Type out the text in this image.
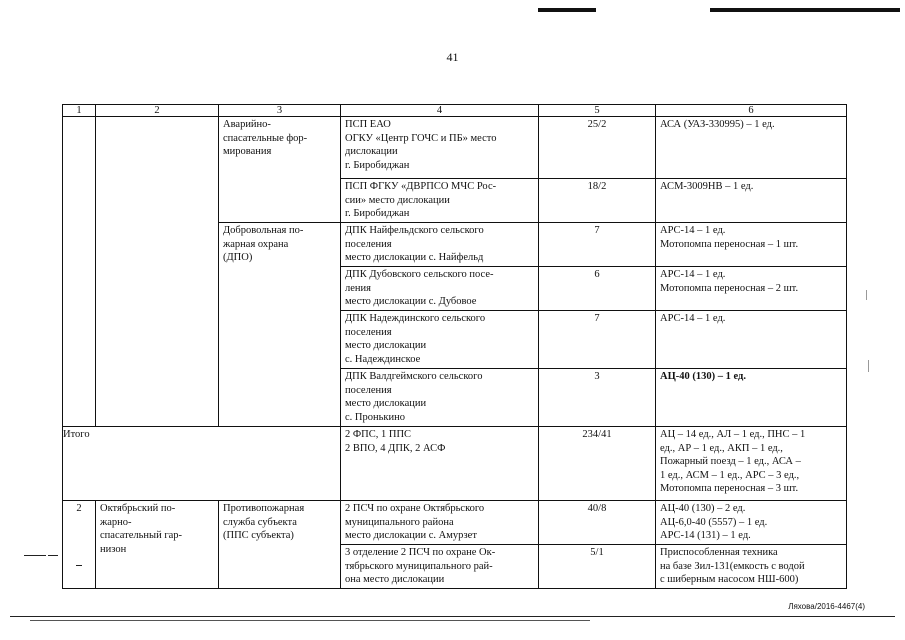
41
1	2	3	4	5	6
		Аварийно-
спасательные фор-
мирования	ПСП ЕАО
ОГКУ «Центр ГОЧС и ПБ» место
дислокации
г. Биробиджан	25/2	АСА (УАЗ-330995) – 1 ед.
			ПСП ФГКУ «ДВРПСО МЧС Рос-
сии» место дислокации
г. Биробиджан	18/2	АСМ-3009НВ – 1 ед.
		Добровольная по-
жарная охрана
(ДПО)	ДПК Найфельдского сельского
поселения
место дислокации с. Найфельд	7	АРС-14 – 1 ед.
Мотопомпа переносная – 1 шт.
			ДПК Дубовского сельского посе-
ления
место дислокации с. Дубовое	6	АРС-14 – 1 ед.
Мотопомпа переносная – 2 шт.
			ДПК Надеждинского сельского
поселения
место дислокации
с. Надеждинское	7	АРС-14 – 1 ед.
			ДПК Валдгеймского сельского
поселения
место дислокации
с. Пронькино	3	АЦ-40 (130) – 1 ед.
Итого			2 ФПС, 1 ППС
2 ВПО, 4 ДПК, 2 АСФ	234/41	АЦ – 14 ед., АЛ – 1 ед., ПНС – 1
ед., АР – 1 ед., АКП – 1 ед.,
Пожарный поезд – 1 ед., АСА –
1 ед., АСМ – 1 ед., АРС – 3 ед.,
Мотопомпа переносная – 3 шт.
2	Октябрьский по-
жарно-
спасательный гар-
низон	Противопожарная
служба субъекта
(ППС субъекта)	2 ПСЧ по охране Октябрьского
муниципального района
место дислокации с. Амурзет	40/8	АЦ-40 (130) – 2 ед.
АЦ-6,0-40 (5557) – 1 ед.
АРС-14 (131) – 1 ед.
			3 отделение 2 ПСЧ по охране Ок-
тябрьского муниципального рай-
она место дислокации	5/1	Приспособленная техника
на базе Зил-131(емкость с водой
с шиберным насосом НШ-600)
Ляхова/2016-4467(4)
